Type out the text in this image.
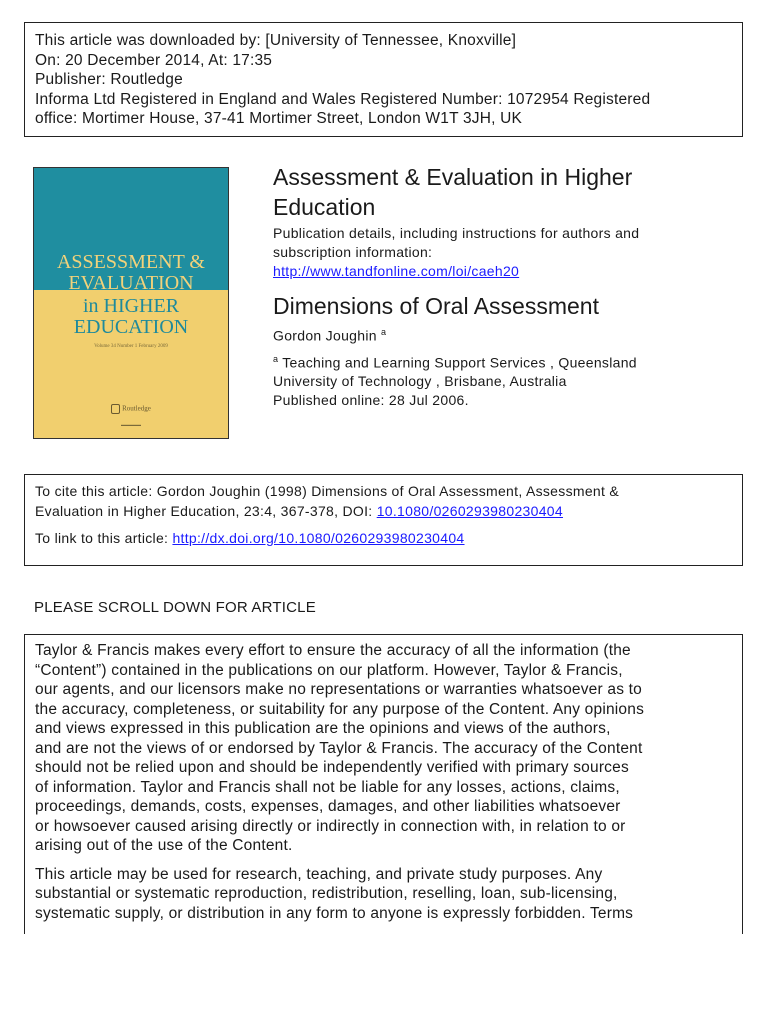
This article was downloaded by: [University of Tennessee, Knoxville]
On: 20 December 2014, At: 17:35
Publisher: Routledge
Informa Ltd Registered in England and Wales Registered Number: 1072954 Registered
office: Mortimer House, 37-41 Mortimer Street, London W1T 3JH, UK
ASSESSMENT &
EVALUATION
in HIGHER
EDUCATION
Volume 34 Number 1 February 2009
Routledge
▬▬▬▬▬
Assessment & Evaluation in Higher
Education
Publication details, including instructions for authors and
subscription information:
http://www.tandfonline.com/loi/caeh20
Dimensions of Oral Assessment
Gordon Joughin $^a$
$^a$ Teaching and Learning Support Services , Queensland
University of Technology , Brisbane, Australia
Published online: 28 Jul 2006.
To cite this article: Gordon Joughin (1998) Dimensions of Oral Assessment, Assessment &
Evaluation in Higher Education, 23:4, 367-378, DOI: 10.1080/0260293980230404
To link to this article: http://dx.doi.org/10.1080/0260293980230404
PLEASE SCROLL DOWN FOR ARTICLE

Taylor & Francis makes every effort to ensure the accuracy of all the information (the
“Content”) contained in the publications on our platform. However, Taylor & Francis,
our agents, and our licensors make no representations or warranties whatsoever as to
the accuracy, completeness, or suitability for any purpose of the Content. Any opinions
and views expressed in this publication are the opinions and views of the authors,
and are not the views of or endorsed by Taylor & Francis. The accuracy of the Content
should not be relied upon and should be independently verified with primary sources
of information. Taylor and Francis shall not be liable for any losses, actions, claims,
proceedings, demands, costs, expenses, damages, and other liabilities whatsoever
or howsoever caused arising directly or indirectly in connection with, in relation to or
arising out of the use of the Content.

This article may be used for research, teaching, and private study purposes. Any
substantial or systematic reproduction, redistribution, reselling, loan, sub-licensing,
systematic supply, or distribution in any form to anyone is expressly forbidden. Terms
